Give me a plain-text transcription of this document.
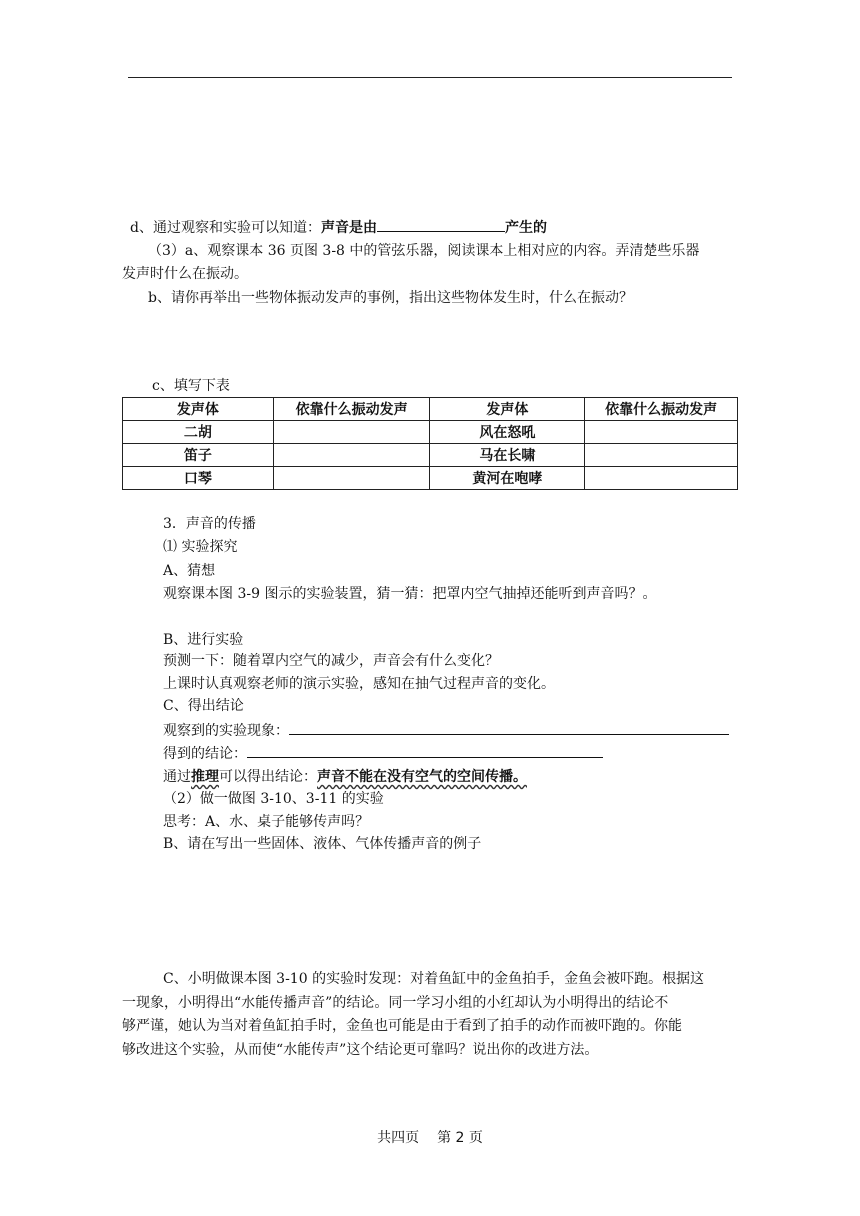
d、通过观察和实验可以知道：声音是由	产生的
（3）a、观察课本 36 页图 3-8 中的管弦乐器，阅读课本上相对应的内容。弄清楚些乐器
发声时什么在振动。
b、请你再举出一些物体振动发声的事例，指出这些物体发生时，什么在振动？
c、填写下表
发声体	依靠什么振动发声	发声体	依靠什么振动发声
二胡		风在怒吼	
笛子		马在长啸	
口琴		黄河在咆哮	
3．声音的传播
⑴ 实验探究
A、猜想
观察课本图 3-9 图示的实验装置，猜一猜：把罩内空气抽掉还能听到声音吗？。
B、进行实验
预测一下：随着罩内空气的减少，声音会有什么变化？
上课时认真观察老师的演示实验，感知在抽气过程声音的变化。
C、得出结论
观察到的实验现象：
得到的结论：
通过推理可以得出结论：声音不能在没有空气的空间传播。
（2）做一做图 3-10、3-11 的实验
思考：A、水、桌子能够传声吗？
B、请在写出一些固体、液体、气体传播声音的例子
C、小明做课本图 3-10 的实验时发现：对着鱼缸中的金鱼拍手，金鱼会被吓跑。根据这
一现象，小明得出“水能传播声音”的结论。同一学习小组的小红却认为小明得出的结论不
够严谨，她认为当对着鱼缸拍手时，金鱼也可能是由于看到了拍手的动作而被吓跑的。你能
够改进这个实验，从而使“水能传声”这个结论更可靠吗？说出你的改进方法。
共四页 第 2 页
